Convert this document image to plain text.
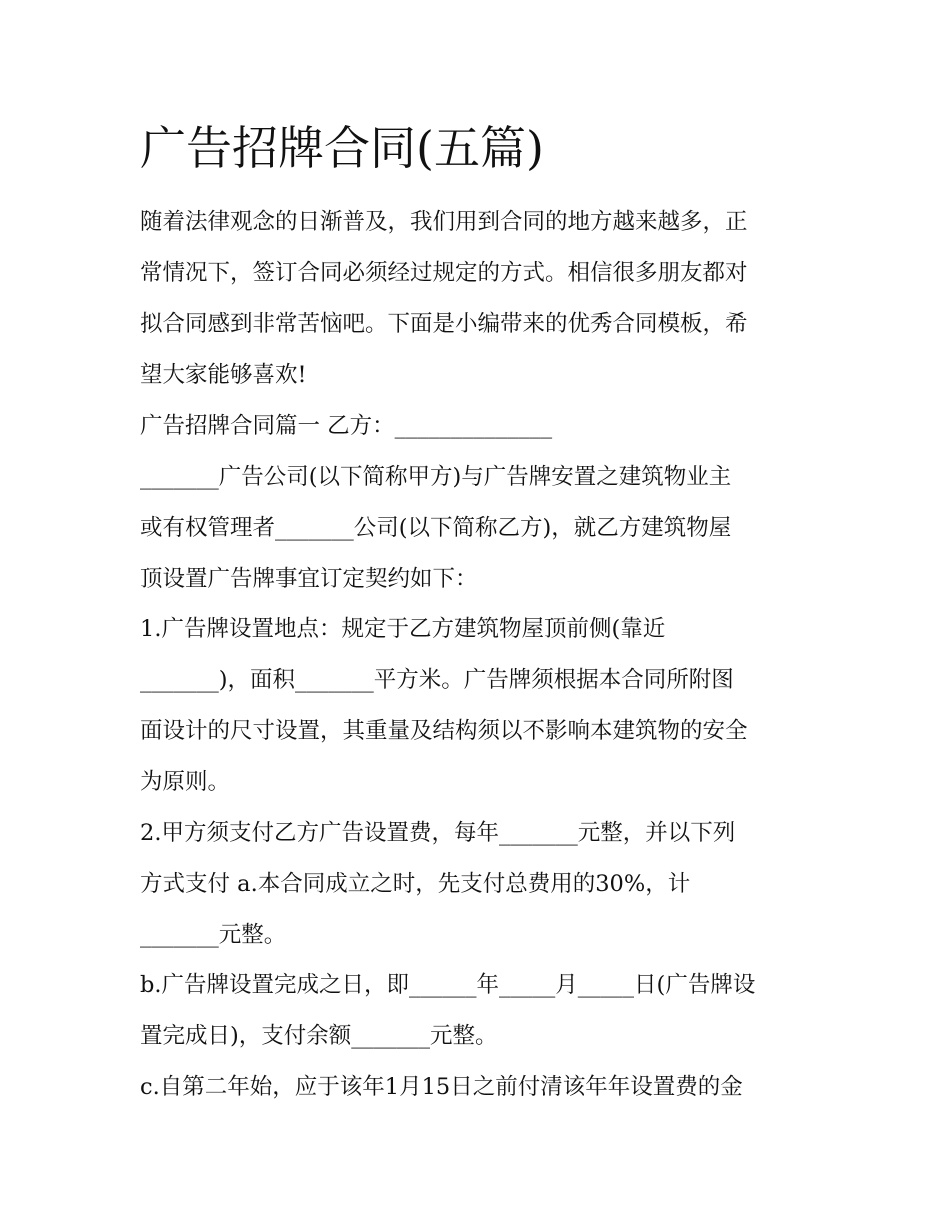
广告招牌合同(五篇)

随着法律观念的日渐普及，我们用到合同的地方越来越多，正

常情况下，签订合同必须经过规定的方式。相信很多朋友都对

拟合同感到非常苦恼吧。下面是小编带来的优秀合同模板，希

望大家能够喜欢!

广告招牌合同篇一 乙方：______________

_______广告公司(以下简称甲方)与广告牌安置之建筑物业主

或有权管理者_______公司(以下简称乙方)，就乙方建筑物屋

顶设置广告牌事宜订定契约如下：

1.广告牌设置地点：规定于乙方建筑物屋顶前侧(靠近

_______)，面积_______平方米。广告牌须根据本合同所附图

面设计的尺寸设置，其重量及结构须以不影响本建筑物的安全

为原则。

2.甲方须支付乙方广告设置费，每年_______元整，并以下列

方式支付 a.本合同成立之时，先支付总费用的30%，计

_______元整。

b.广告牌设置完成之日，即______年_____月_____日(广告牌设

置完成日)，支付余额_______元整。

c.自第二年始，应于该年1月15日之前付清该年年设置费的金
